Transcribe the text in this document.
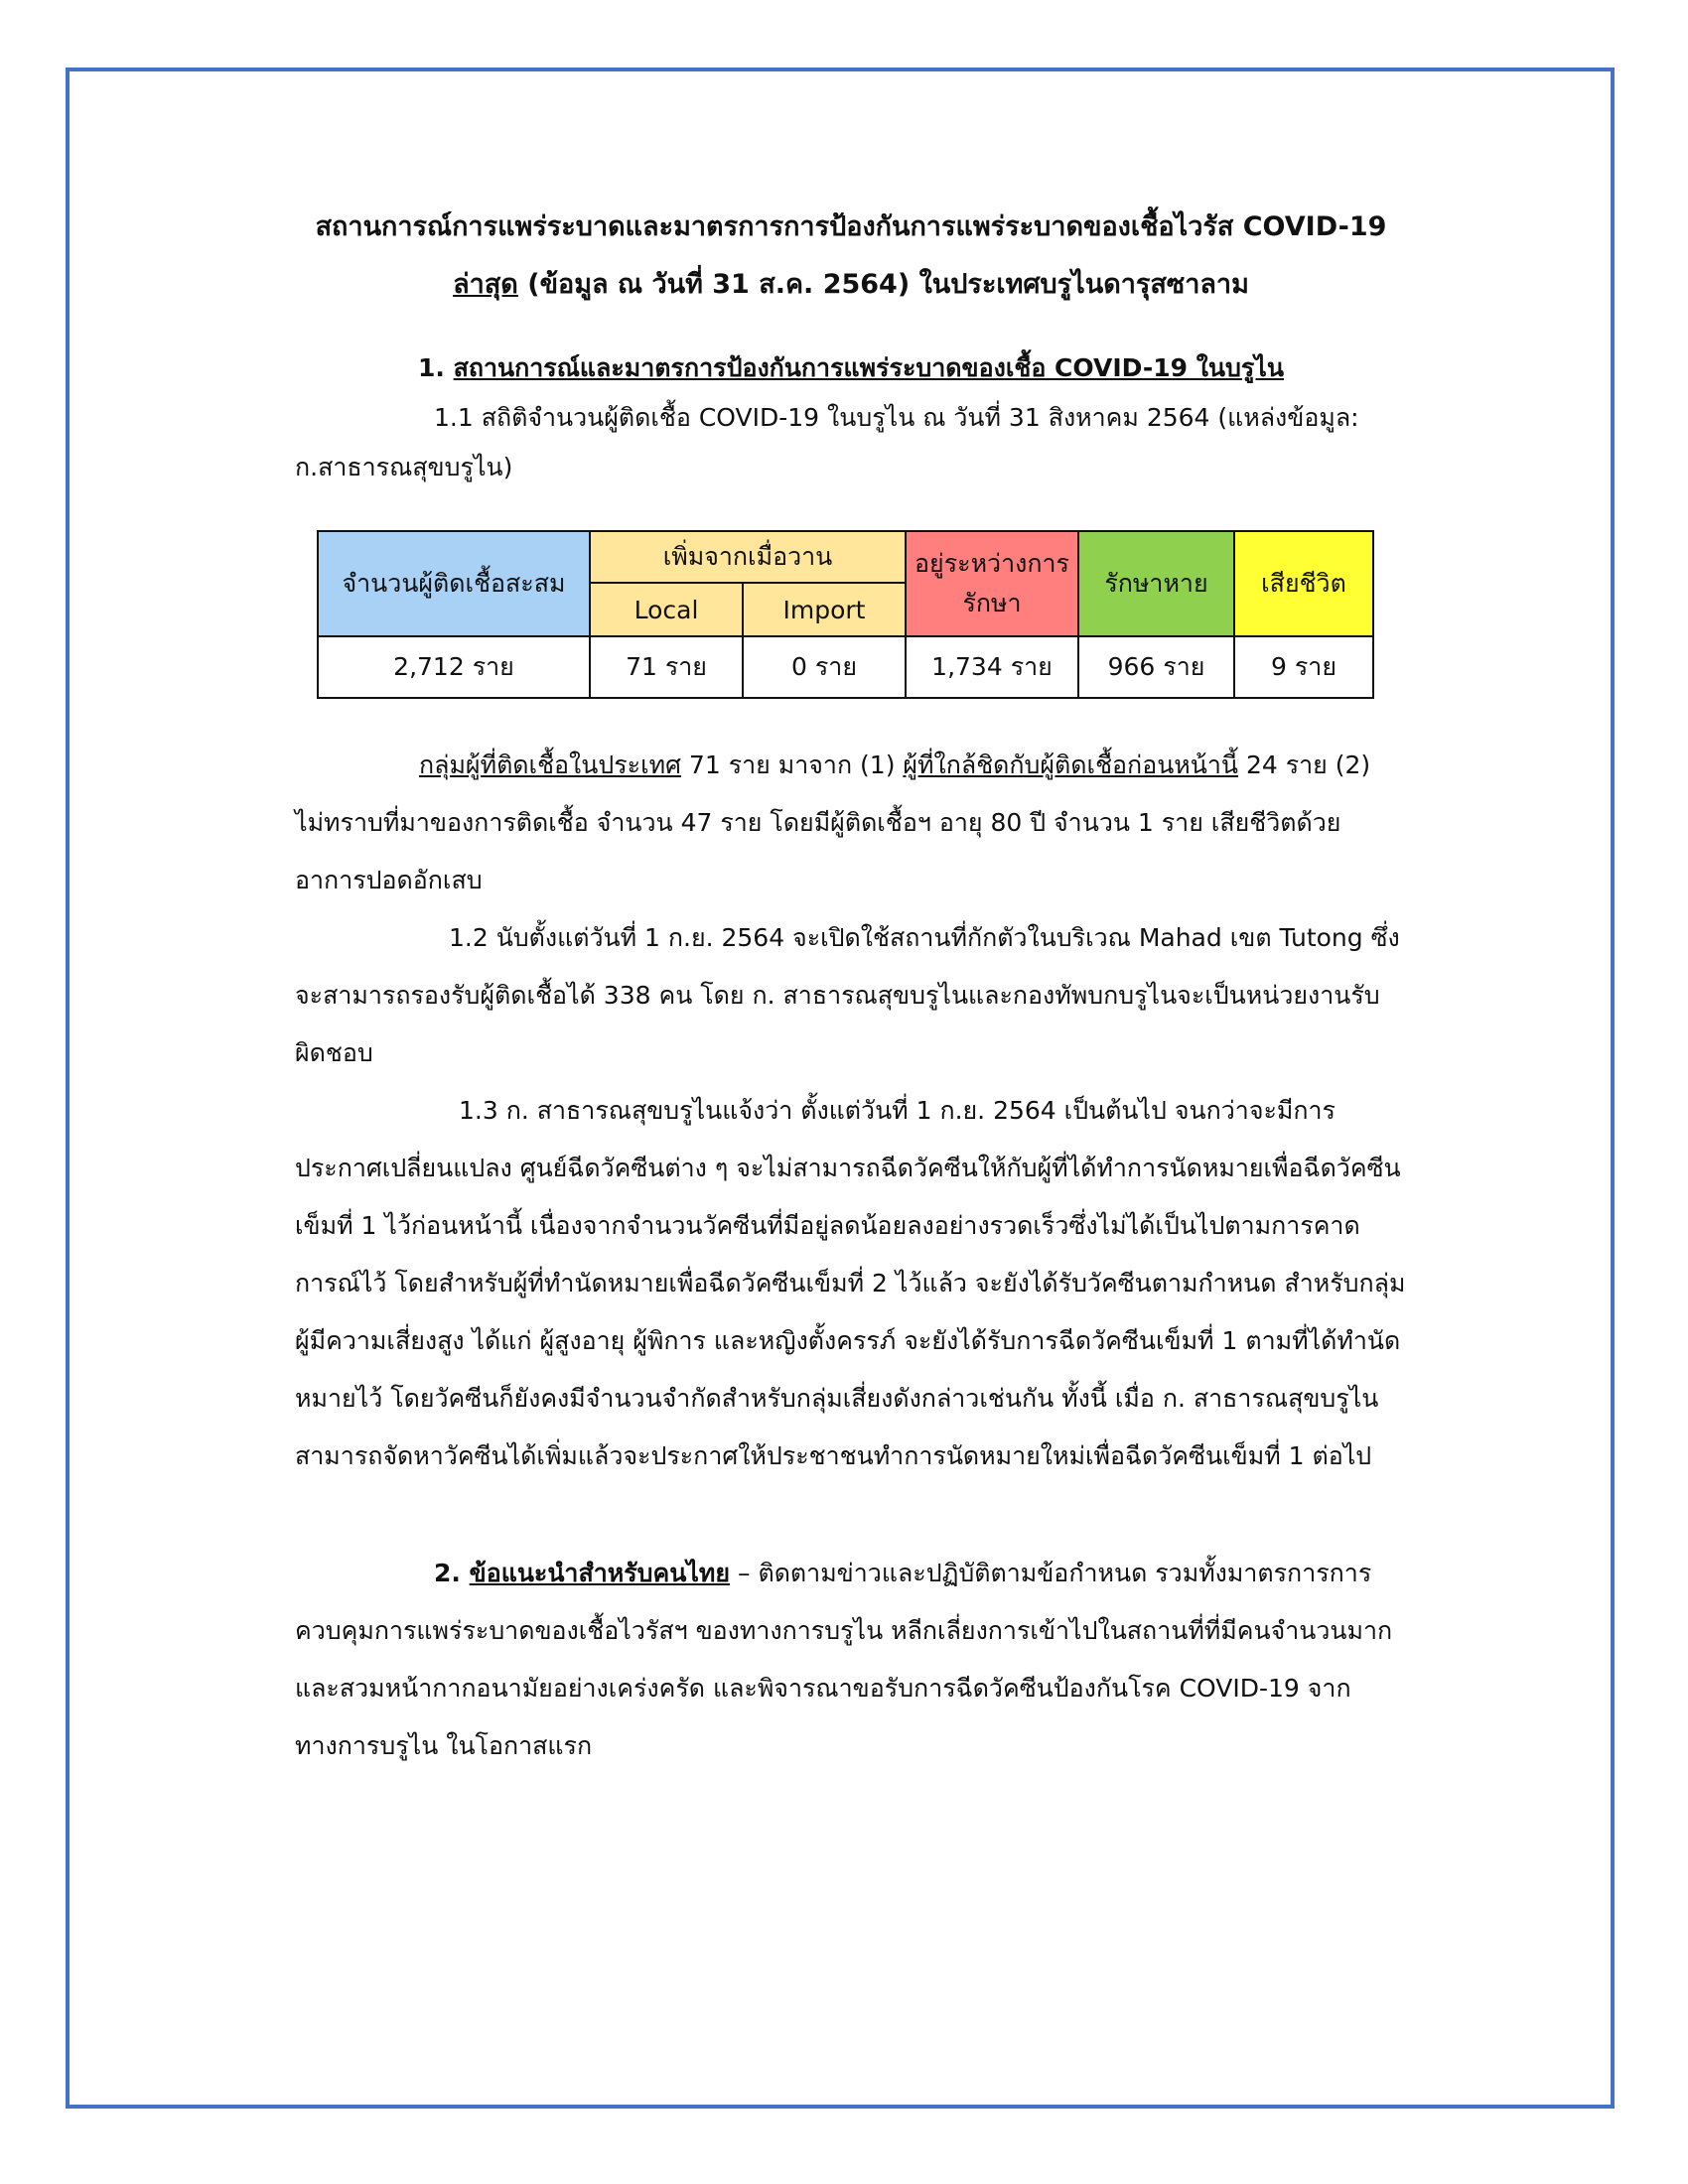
สถานการณ์การแพร่ระบาดและมาตรการการป้องกันการแพร่ระบาดของเชื้อไวรัส COVID-19
ล่าสุด (ข้อมูล ณ วันที่ 31 ส.ค. 2564) ในประเทศบรูไนดารุสซาลาม
1. สถานการณ์และมาตรการป้องกันการแพร่ระบาดของเชื้อ COVID-19 ในบรูไน

1.1 สถิติจำนวนผู้ติดเชื้อ COVID-19 ในบรูไน ณ วันที่ 31 สิงหาคม 2564 (แหล่งข้อมูล: ก.สาธารณสุขบรูไน)

จำนวนผู้ติดเชื้อสะสม	เพิ่มจากเมื่อวาน		อยู่ระหว่างการรักษา	รักษาหาย	เสียชีวิต
	Local	Import			
2,712 ราย	71 ราย	0 ราย	1,734 ราย	966 ราย	9 ราย

กลุ่มผู้ที่ติดเชื้อในประเทศ 71 ราย มาจาก (1) ผู้ที่ใกล้ชิดกับผู้ติดเชื้อก่อนหน้านี้ 24 ราย (2) ไม่ทราบที่มาของการติดเชื้อ จำนวน 47 ราย โดยมีผู้ติดเชื้อฯ อายุ 80 ปี จำนวน 1 ราย เสียชีวิตด้วยอาการปอดอักเสบ

1.2 นับตั้งแต่วันที่ 1 ก.ย. 2564 จะเปิดใช้สถานที่กักตัวในบริเวณ Mahad เขต Tutong ซึ่งจะสามารถรองรับผู้ติดเชื้อได้ 338 คน โดย ก. สาธารณสุขบรูไนและกองทัพบกบรูไนจะเป็นหน่วยงานรับผิดชอบ

1.3 ก. สาธารณสุขบรูไนแจ้งว่า ตั้งแต่วันที่ 1 ก.ย. 2564 เป็นต้นไป จนกว่าจะมีการประกาศเปลี่ยนแปลง ศูนย์ฉีดวัคซีนต่าง ๆ จะไม่สามารถฉีดวัคซีนให้กับผู้ที่ได้ทำการนัดหมายเพื่อฉีดวัคซีนเข็มที่ 1 ไว้ก่อนหน้านี้ เนื่องจากจำนวนวัคซีนที่มีอยู่ลดน้อยลงอย่างรวดเร็วซึ่งไม่ได้เป็นไปตามการคาดการณ์ไว้ โดยสำหรับผู้ที่ทำนัดหมายเพื่อฉีดวัคซีนเข็มที่ 2 ไว้แล้ว จะยังได้รับวัคซีนตามกำหนด สำหรับกลุ่มผู้มีความเสี่ยงสูง ได้แก่ ผู้สูงอายุ ผู้พิการ และหญิงตั้งครรภ์ จะยังได้รับการฉีดวัคซีนเข็มที่ 1 ตามที่ได้ทำนัดหมายไว้ โดยวัคซีนก็ยังคงมีจำนวนจำกัดสำหรับกลุ่มเสี่ยงดังกล่าวเช่นกัน ทั้งนี้ เมื่อ ก. สาธารณสุขบรูไนสามารถจัดหาวัคซีนได้เพิ่มแล้วจะประกาศให้ประชาชนทำการนัดหมายใหม่เพื่อฉีดวัคซีนเข็มที่ 1 ต่อไป

2. ข้อแนะนำสำหรับคนไทย – ติดตามข่าวและปฏิบัติตามข้อกำหนด รวมทั้งมาตรการการควบคุมการแพร่ระบาดของเชื้อไวรัสฯ ของทางการบรูไน หลีกเลี่ยงการเข้าไปในสถานที่ที่มีคนจำนวนมากและสวมหน้ากากอนามัยอย่างเคร่งครัด และพิจารณาขอรับการฉีดวัคซีนป้องกันโรค COVID-19 จากทางการบรูไน ในโอกาสแรก
